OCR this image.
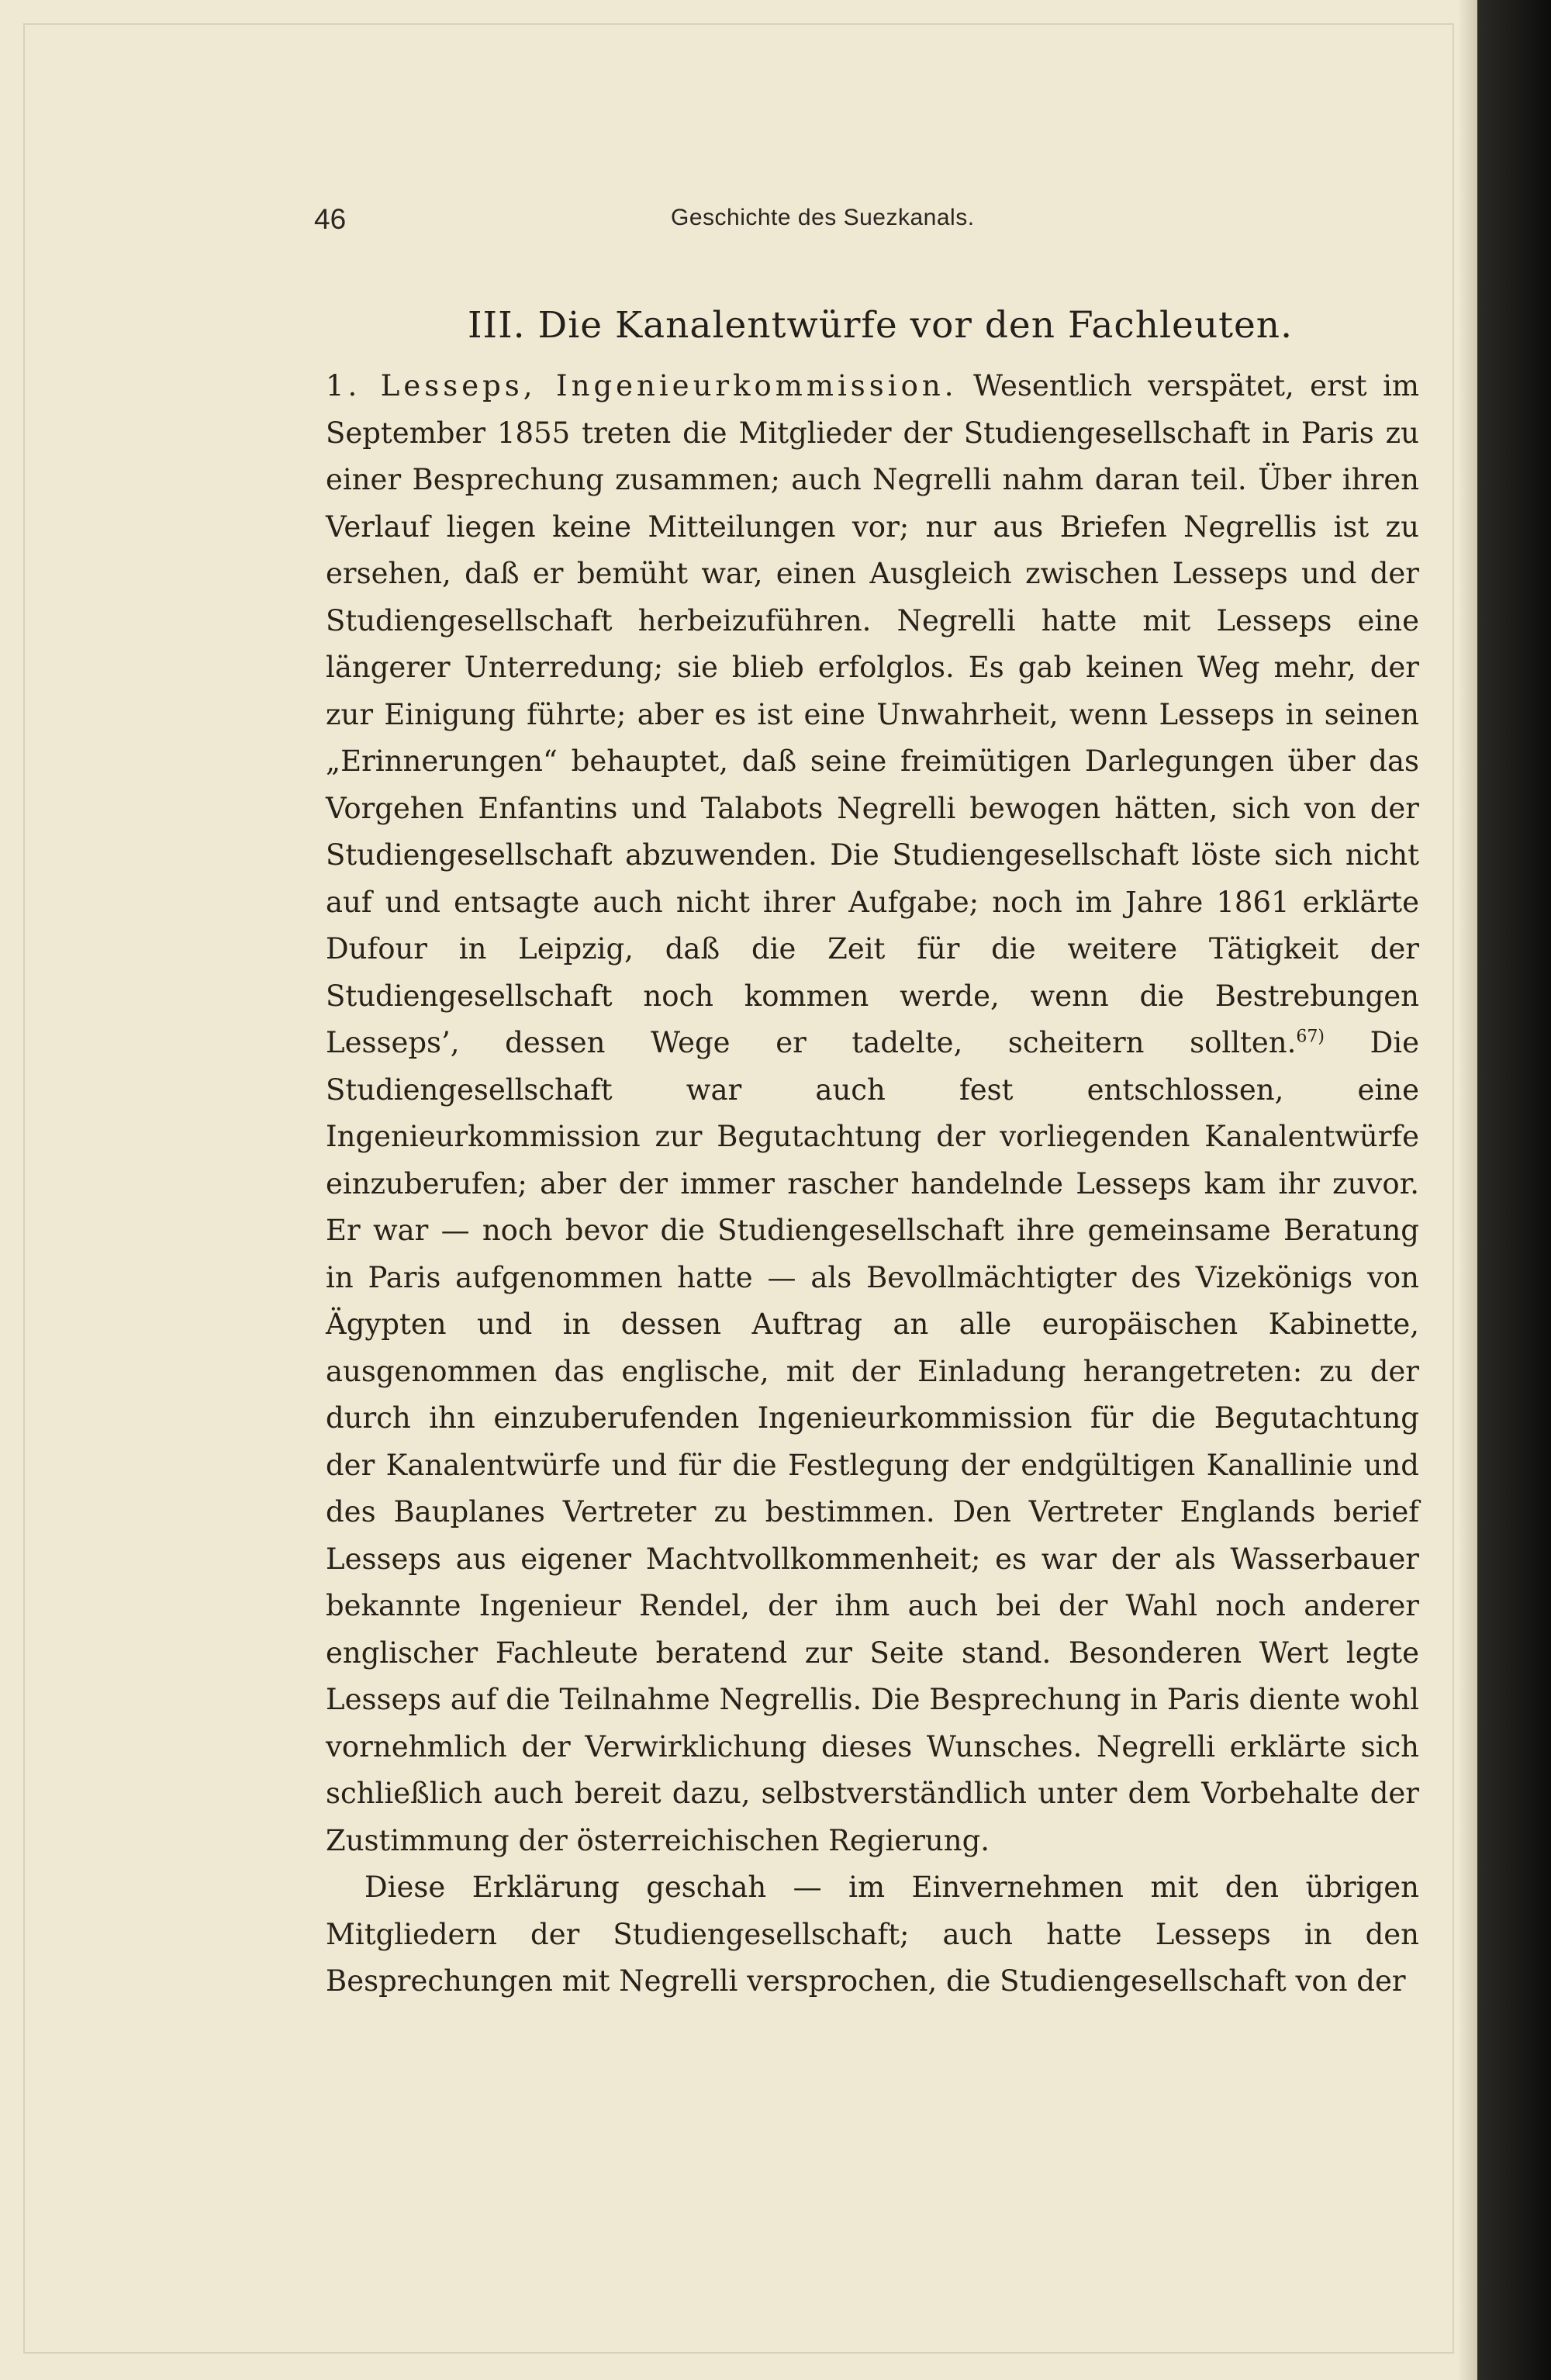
46	Geschichte des Suezkanals.
III. Die Kanalentwürfe vor den Fachleuten.

1. Lesseps, Ingenieurkommission. Wesentlich verspätet, erst im September 1855 treten die Mitglieder der Studiengesellschaft in Paris zu einer Besprechung zusammen; auch Negrelli nahm daran teil. Über ihren Verlauf liegen keine Mitteilungen vor; nur aus Briefen Negrellis ist zu ersehen, daß er bemüht war, einen Ausgleich zwischen Lesseps und der Studiengesellschaft herbeizuführen. Negrelli hatte mit Lesseps eine längerer Unterredung; sie blieb erfolglos. Es gab keinen Weg mehr, der zur Einigung führte; aber es ist eine Unwahrheit, wenn Lesseps in seinen „Erinnerungen“ behauptet, daß seine freimütigen Darlegungen über das Vorgehen Enfantins und Talabots Negrelli bewogen hätten, sich von der Studiengesellschaft abzuwenden. Die Studiengesellschaft löste sich nicht auf und entsagte auch nicht ihrer Aufgabe; noch im Jahre 1861 erklärte Dufour in Leipzig, daß die Zeit für die weitere Tätigkeit der Studiengesellschaft noch kommen werde, wenn die Bestrebungen Lesseps’, dessen Wege er tadelte, scheitern sollten.$^{67)}$ Die Studiengesellschaft war auch fest entschlossen, eine Ingenieurkommission zur Begutachtung der vorliegenden Kanalentwürfe einzuberufen; aber der immer rascher handelnde Lesseps kam ihr zuvor. Er war — noch bevor die Studiengesellschaft ihre gemeinsame Beratung in Paris aufgenommen hatte — als Bevollmächtigter des Vizekönigs von Ägypten und in dessen Auftrag an alle europäischen Kabinette, ausgenommen das englische, mit der Einladung herangetreten: zu der durch ihn einzuberufenden Ingenieurkommission für die Begutachtung der Kanalentwürfe und für die Festlegung der endgültigen Kanallinie und des Bauplanes Vertreter zu bestimmen. Den Vertreter Englands berief Lesseps aus eigener Machtvollkommenheit; es war der als Wasserbauer bekannte Ingenieur Rendel, der ihm auch bei der Wahl noch anderer englischer Fachleute beratend zur Seite stand. Besonderen Wert legte Lesseps auf die Teilnahme Negrellis. Die Besprechung in Paris diente wohl vornehmlich der Verwirklichung dieses Wunsches. Negrelli erklärte sich schließlich auch bereit dazu, selbstverständlich unter dem Vorbehalte der Zustimmung der österreichischen Regierung.

Diese Erklärung geschah — im Einvernehmen mit den übrigen Mitgliedern der Studiengesellschaft; auch hatte Lesseps in den Besprechungen mit Negrelli versprochen, die Studiengesellschaft von der
